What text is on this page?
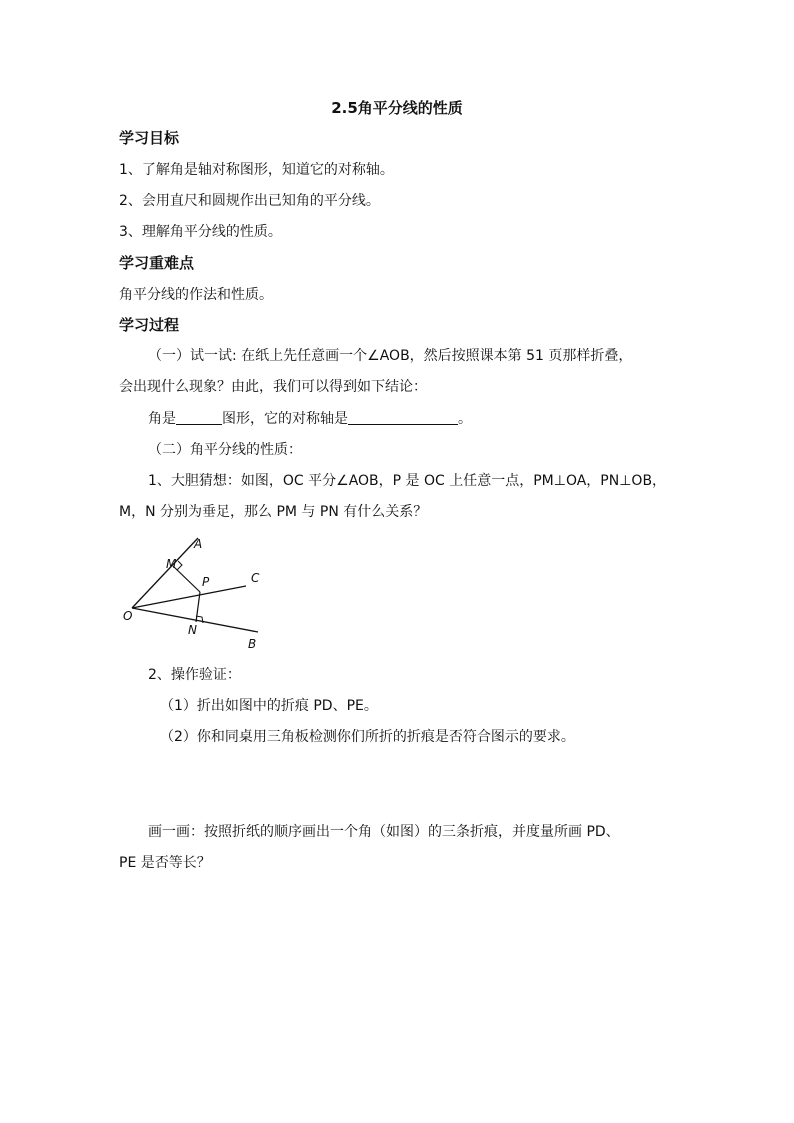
2.5角平分线的性质
学习目标
1、了解角是轴对称图形，知道它的对称轴。
2、会用直尺和圆规作出已知角的平分线。
3、理解角平分线的性质。
学习重难点
角平分线的作法和性质。
学习过程
（一）试一试: 在纸上先任意画一个∠AOB，然后按照课本第 51 页那样折叠，
会出现什么现象？由此，我们可以得到如下结论：
角是	图形，它的对称轴是	。
（二）角平分线的性质：
1、大胆猜想：如图，OC 平分∠AOB，P 是 OC 上任意一点，PM⊥OA，PN⊥OB，
M，N 分别为垂足，那么 PM 与 PN 有什么关系？
A
M
P	C
O
N
B
2、操作验证：
（1）折出如图中的折痕 PD、PE。
（2）你和同桌用三角板检测你们所折的折痕是否符合图示的要求。
画一画：按照折纸的顺序画出一个角（如图）的三条折痕，并度量所画 PD、
PE 是否等长？
